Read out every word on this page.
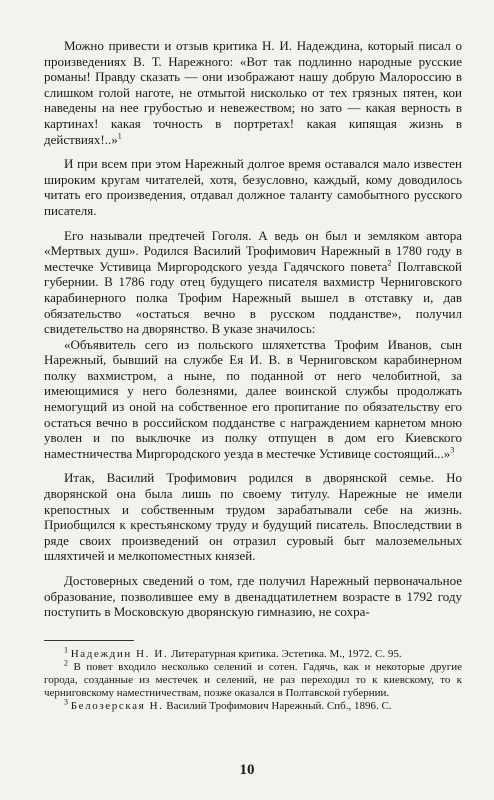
Можно привести и отзыв критика Н. И. Надеждина, который писал о произведениях В. Т. Нарежного: «Вот так подлинно народные русские романы! Правду сказать — они изображают нашу добрую Малороссию в слишком голой наготе, не отмытой нисколько от тех грязных пятен, кои наведены на нее грубостью и невежеством; но зато — какая верность в картинах! какая точность в портретах! какая кипящая жизнь в действиях!..»$^1$

И при всем при этом Нарежный долгое время оставался мало известен широким кругам читателей, хотя, безусловно, каждый, кому доводилось читать его произведения, отдавал должное таланту самобытного русского писателя.

Его называли предтечей Гоголя. А ведь он был и земляком автора «Мертвых душ». Родился Василий Трофимович Нарежный в 1780 году в местечке Устивица Миргородского уезда Гадячского повета$^2$ Полтавской губернии. В 1786 году отец будущего писателя вахмистр Черниговского карабинерного полка Трофим Нарежный вышел в отставку и, дав обязательство «остаться вечно в русском подданстве», получил свидетельство на дворянство. В указе значилось:

«Объявитель сего из польского шляхетства Трофим Иванов, сын Нарежный, бывший на службе Ея И. В. в Черниговском карабинерном полку вахмистром, а ныне, по поданной от него челобитной, за имеющимися у него болезнями, далее воинской службы продолжать немогущий из оной на собственное его пропитание по обязательству его остаться вечно в российском подданстве с награждением карнетом мною уволен и по выключке из полку отпущен в дом его Киевского наместничества Миргородского уезда в местечке Устивице состоящий...»$^3$

Итак, Василий Трофимович родился в дворянской семье. Но дворянской она была лишь по своему титулу. Нарежные не имели крепостных и собственным трудом зарабатывали себе на жизнь. Приобщился к крестьянскому труду и будущий писатель. Впоследствии в ряде своих произведений он отразил суровый быт малоземельных шляхтичей и мелкопоместных князей.

Достоверных сведений о том, где получил Нарежный первоначальное образование, позволившее ему в двенадцатилетнем возрасте в 1792 году поступить в Московскую дворянскую гимназию, не сохра-

$^1$ Надеждин Н. И. Литературная критика. Эстетика. М., 1972. С. 95.

$^2$ В повет входило несколько селений и сотен. Гадячь, как и некоторые другие города, созданные из местечек и селений, не раз переходил то к киевскому, то к черниговскому наместничествам, позже оказался в Полтавской губернии.

$^3$ Белозерская Н. Василий Трофимович Нарежный. Спб., 1896. С.

10
